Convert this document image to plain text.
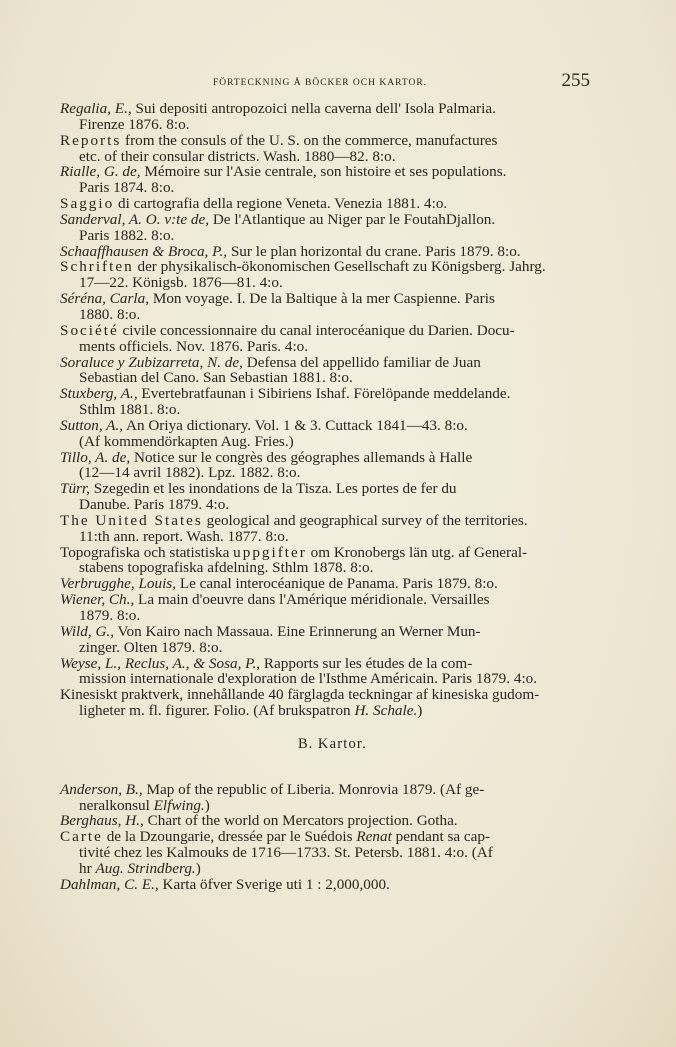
FÖRTECKNING Å BÖCKER OCH KARTOR.	255
Regalia, E., Sui depositi antropozoici nella caverna dell' Isola Palmaria.
Firenze 1876. 8:o.
Reports from the consuls of the U. S. on the commerce, manufactures
etc. of their consular districts. Wash. 1880—82. 8:o.
Rialle, G. de, Mémoire sur l'Asie centrale, son histoire et ses populations.
Paris 1874. 8:o.
Saggio di cartografia della regione Veneta. Venezia 1881. 4:o.
Sanderval, A. O. v:te de, De l'Atlantique au Niger par le FoutahDjallon.
Paris 1882. 8:o.
Schaaffhausen & Broca, P., Sur le plan horizontal du crane. Paris 1879. 8:o.
Schriften der physikalisch-ökonomischen Gesellschaft zu Königsberg. Jahrg.
17—22. Königsb. 1876—81. 4:o.
Séréna, Carla, Mon voyage. I. De la Baltique à la mer Caspienne. Paris
1880. 8:o.
Société civile concessionnaire du canal interocéanique du Darien. Docu-
ments officiels. Nov. 1876. Paris. 4:o.
Soraluce y Zubizarreta, N. de, Defensa del appellido familiar de Juan
Sebastian del Cano. San Sebastian 1881. 8:o.
Stuxberg, A., Evertebratfaunan i Sibiriens Ishaf. Förelöpande meddelande.
Sthlm 1881. 8:o.
Sutton, A., An Oriya dictionary. Vol. 1 & 3. Cuttack 1841—43. 8:o.
(Af kommendörkapten Aug. Fries.)
Tillo, A. de, Notice sur le congrès des géographes allemands à Halle
(12—14 avril 1882). Lpz. 1882. 8:o.
Türr, Szegedin et les inondations de la Tisza. Les portes de fer du
Danube. Paris 1879. 4:o.
The United States geological and geographical survey of the territories.
11:th ann. report. Wash. 1877. 8:o.
Topografiska och statistiska uppgifter om Kronobergs län utg. af General-
stabens topografiska afdelning. Sthlm 1878. 8:o.
Verbrugghe, Louis, Le canal interocéanique de Panama. Paris 1879. 8:o.
Wiener, Ch., La main d'oeuvre dans l'Amérique méridionale. Versailles
1879. 8:o.
Wild, G., Von Kairo nach Massaua. Eine Erinnerung an Werner Mun-
zinger. Olten 1879. 8:o.
Weyse, L., Reclus, A., & Sosa, P., Rapports sur les études de la com-
mission internationale d'exploration de l'Isthme Américain. Paris 1879. 4:o.
Kinesiskt praktverk, innehållande 40 färglagda teckningar af kinesiska gudom-
ligheter m. fl. figurer. Folio. (Af brukspatron H. Schale.)
B. Kartor.
Anderson, B., Map of the republic of Liberia. Monrovia 1879. (Af ge-
neralkonsul Elfwing.)
Berghaus, H., Chart of the world on Mercators projection. Gotha.
Carte de la Dzoungarie, dressée par le Suédois Renat pendant sa cap-
tivité chez les Kalmouks de 1716—1733. St. Petersb. 1881. 4:o. (Af
hr Aug. Strindberg.)
Dahlman, C. E., Karta öfver Sverige uti 1 : 2,000,000.
